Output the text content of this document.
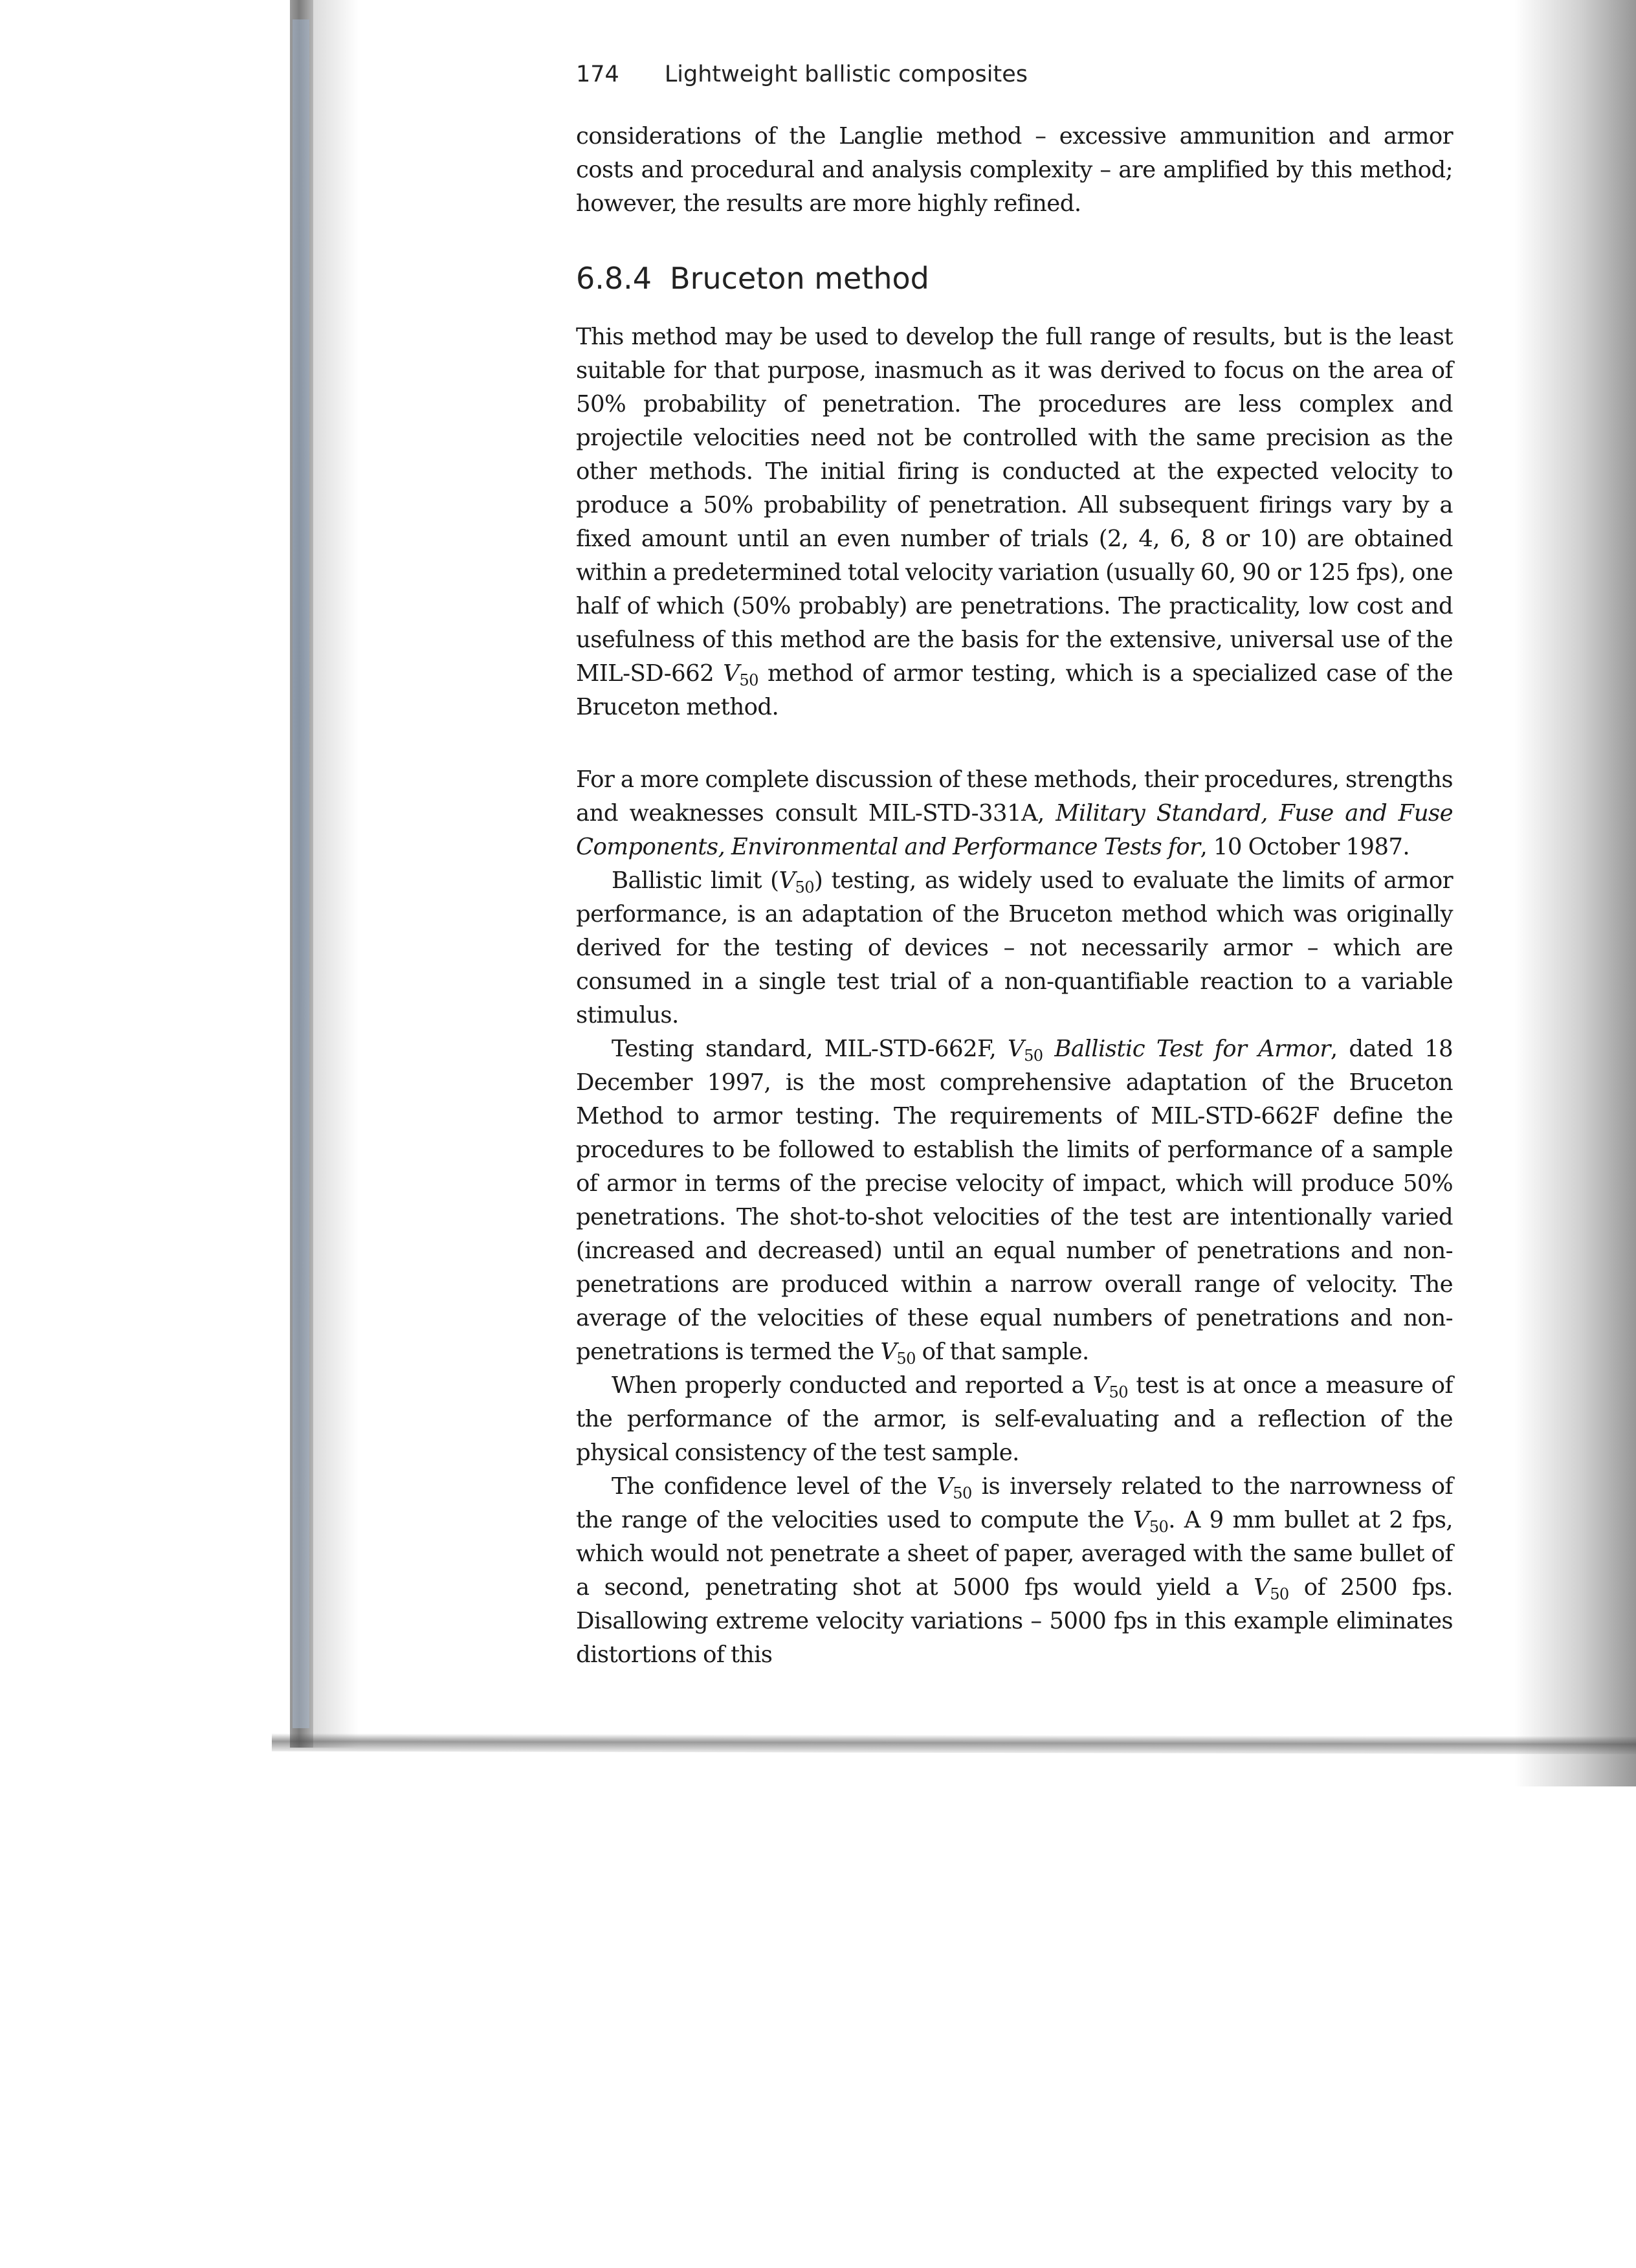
174 Lightweight ballistic composites

considerations of the Langlie method – excessive ammunition and armor costs and procedural and analysis complexity – are amplified by this method; however, the results are more highly refined.

6.8.4 Bruceton method

This method may be used to develop the full range of results, but is the least suitable for that purpose, inasmuch as it was derived to focus on the area of 50% probability of penetration. The procedures are less complex and projectile velocities need not be controlled with the same precision as the other methods. The initial firing is conducted at the expected velocity to produce a 50% probability of penetration. All subsequent firings vary by a fixed amount until an even number of trials (2, 4, 6, 8 or 10) are obtained within a predetermined total velocity variation (usually 60, 90 or 125 fps), one half of which (50% probably) are penetrations. The practicality, low cost and usefulness of this method are the basis for the extensive, universal use of the MIL-SD-662 $V_{50}$ method of armor testing, which is a specialized case of the Bruceton method.

For a more complete discussion of these methods, their procedures, strengths and weaknesses consult MIL-STD-331A, Military Standard, Fuse and Fuse Components, Environmental and Performance Tests for, 10 October 1987.

Ballistic limit $(V_{50})$ testing, as widely used to evaluate the limits of armor performance, is an adaptation of the Bruceton method which was originally derived for the testing of devices – not necessarily armor – which are consumed in a single test trial of a non-quantifiable reaction to a variable stimulus.

Testing standard, MIL-STD-662F, $V_{50}$ Ballistic Test for Armor, dated 18 December 1997, is the most comprehensive adaptation of the Bruceton Method to armor testing. The requirements of MIL-STD-662F define the procedures to be followed to establish the limits of performance of a sample of armor in terms of the precise velocity of impact, which will produce 50% penetrations. The shot-to-shot velocities of the test are intentionally varied (increased and decreased) until an equal number of penetrations and non-penetrations are produced within a narrow overall range of velocity. The average of the velocities of these equal numbers of penetrations and non-penetrations is termed the $V_{50}$ of that sample.

When properly conducted and reported a $V_{50}$ test is at once a measure of the performance of the armor, is self-evaluating and a reflection of the physical consistency of the test sample.

The confidence level of the $V_{50}$ is inversely related to the narrowness of the range of the velocities used to compute the $V_{50}$. A 9 mm bullet at 2 fps, which would not penetrate a sheet of paper, averaged with the same bullet of a second, penetrating shot at 5000 fps would yield a $V_{50}$ of 2500 fps. Disallowing extreme velocity variations – 5000 fps in this example eliminates distortions of this
